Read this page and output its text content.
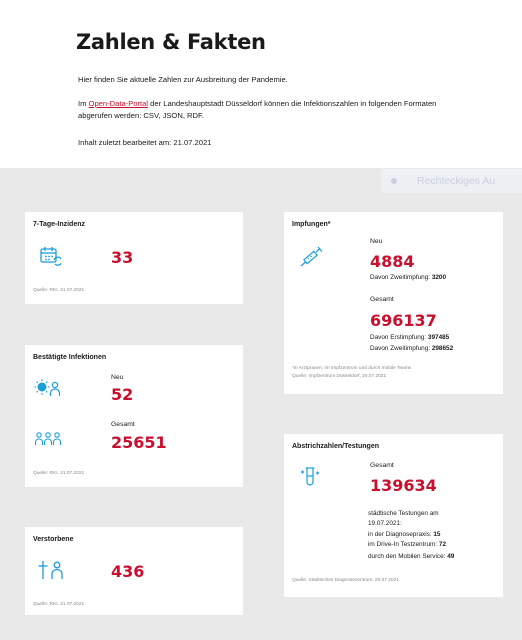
Zahlen & Fakten
Hier finden Sie aktuelle Zahlen zur Ausbreitung der Pandemie.
Im Open-Data-Portal der Landeshauptstadt Düsseldorf können die Infektionszahlen in folgenden Formaten abgerufen werden: CSV, JSON, RDF.
Inhalt zuletzt bearbeitet am: 21.07.2021
Rechteckiges Au
7-Tage-Inzidenz
33
Quelle: RKI, 21.07.2021
Bestätigte Infektionen
Neu
52
Gesamt
25651
Quelle: RKI, 21.07.2021
Verstorbene
436
Quelle: RKI, 21.07.2021
Impfungen*
Neu
4884
Davon Zweitimpfung: 3200
Gesamt
696137
Davon Erstimpfung: 397485
Davon Zweitimpfung: 298652
*in Arztpraxen, im Impfzentrum und durch mobile Teams
Quelle: Impfzentrum Düsseldorf, 20.07.2021
Abstrichzahlen/Testungen
Gesamt
139634
städtische Testungen am
19.07.2021:
in der Diagnosepraxis: 15
im Drive-In Testzentrum: 72
durch den Mobilen Service: 49
Quelle: Städtisches Diagnosezentrum, 20.07.2021
